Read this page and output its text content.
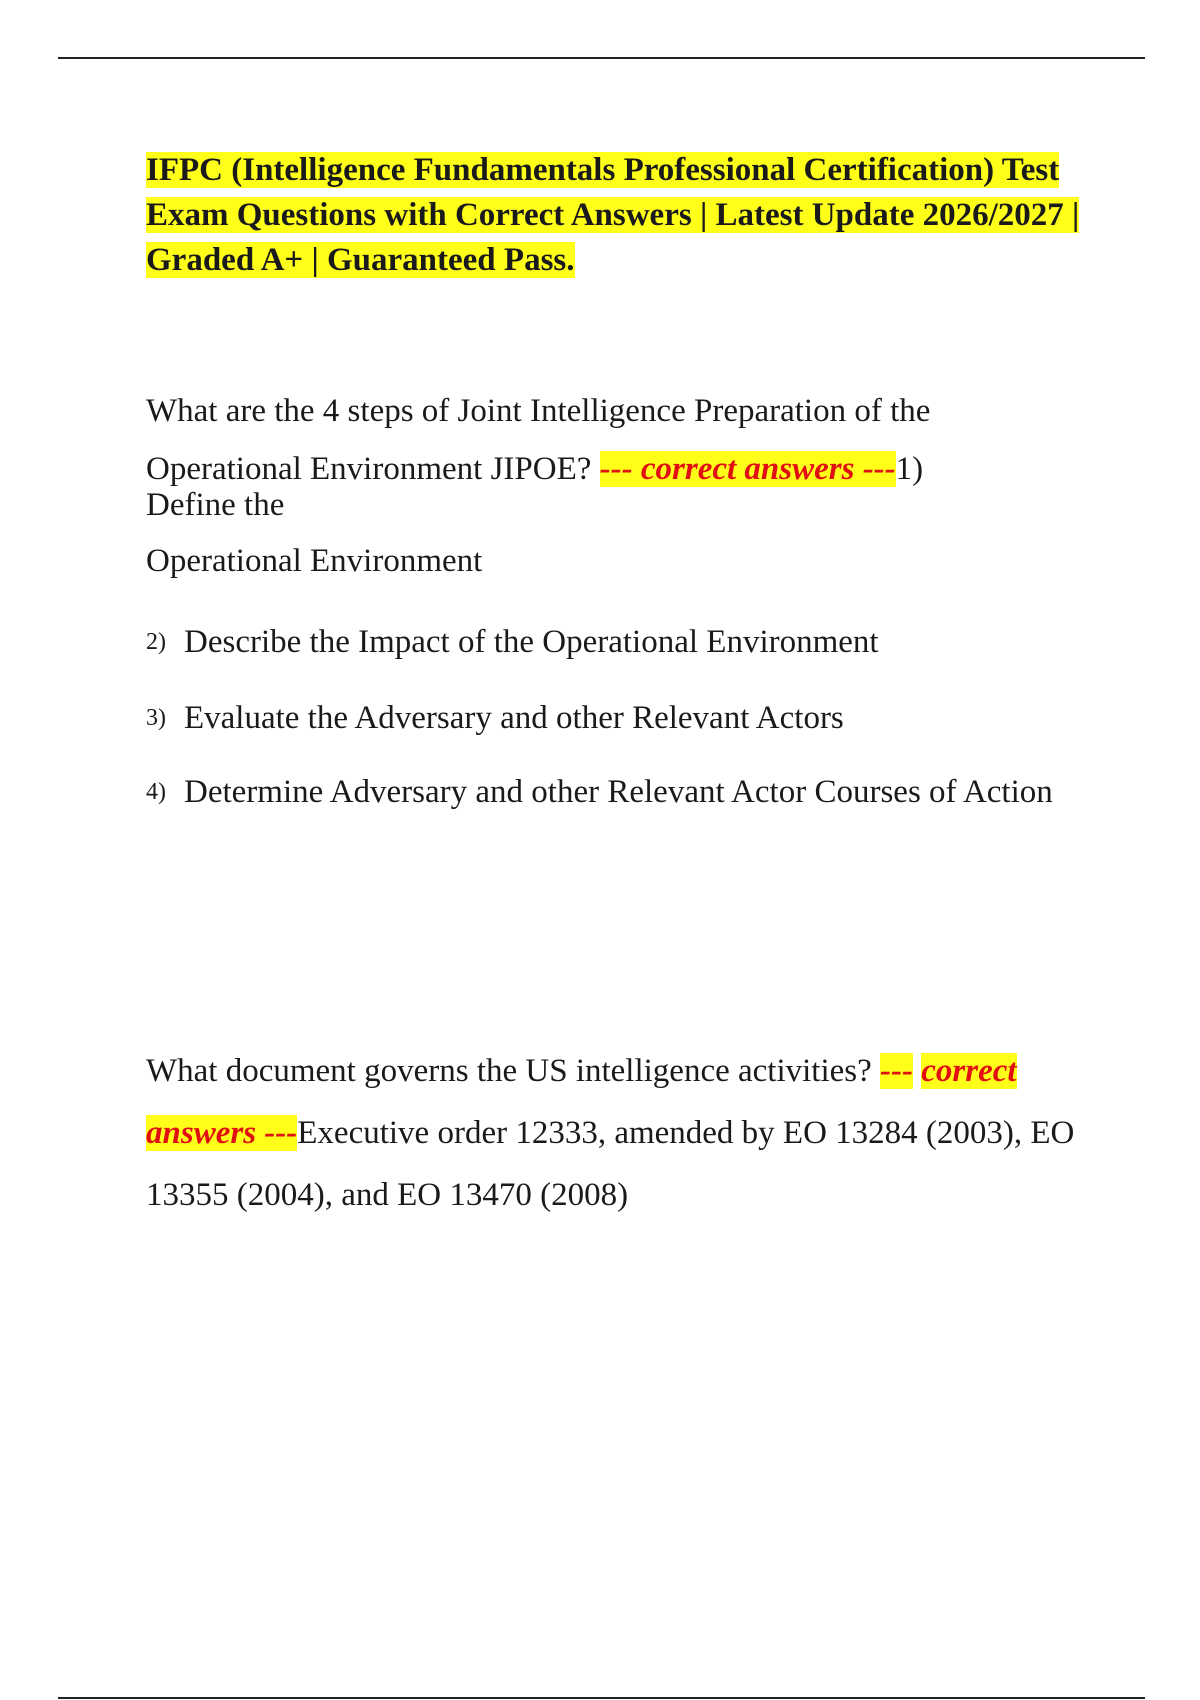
IFPC (Intelligence Fundamentals Professional Certification) Test Exam Questions with Correct Answers | Latest Update 2026/2027 | Graded A+ | Guaranteed Pass.

What are the 4 steps of Joint Intelligence Preparation of the Operational Environment JIPOE? --- correct answers ---1)
Define the
Operational Environment
2) Describe the Impact of the Operational Environment
3) Evaluate the Adversary and other Relevant Actors
4) Determine Adversary and other Relevant Actor Courses of Action
What document governs the US intelligence activities? --- correct answers ---Executive order 12333, amended by EO 13284 (2003), EO
13355 (2004), and EO 13470 (2008)
